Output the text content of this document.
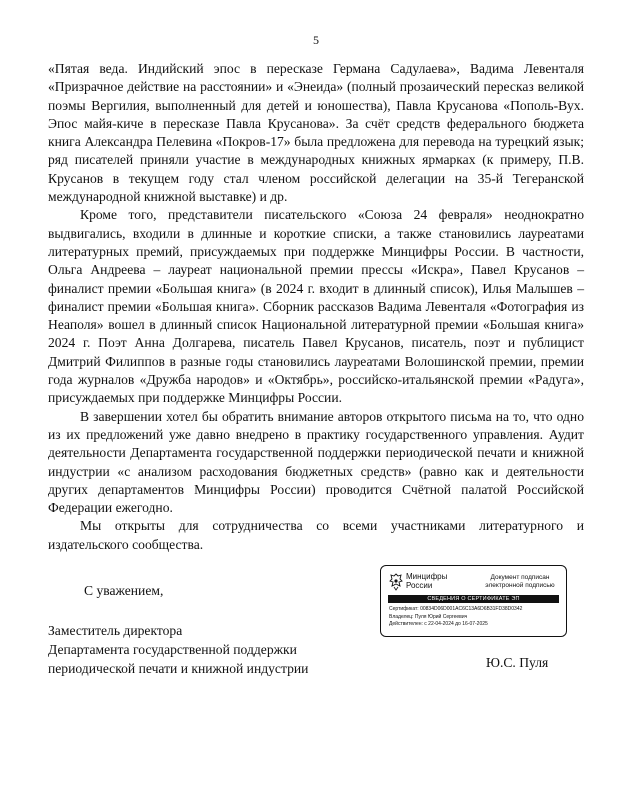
5

«Пятая веда. Индийский эпос в пересказе Германа Садулаева», Вадима Левенталя «Призрачное действие на расстоянии» и «Энеида» (полный прозаический пересказ великой поэмы Вергилия, выполненный для детей и юношества), Павла Крусанова «Пополь-Вух. Эпос майя-киче в пересказе Павла Крусанова». За счёт средств федерального бюджета книга Александра Пелевина «Покров-17» была предложена для перевода на турецкий язык; ряд писателей приняли участие в международных книжных ярмарках (к примеру, П.В. Крусанов в текущем году стал членом российской делегации на 35-й Тегеранской международной книжной выставке) и др.

Кроме того, представители писательского «Союза 24 февраля» неоднократно выдвигались, входили в длинные и короткие списки, а также становились лауреатами литературных премий, присуждаемых при поддержке Минцифры России. В частности, Ольга Андреева – лауреат национальной премии прессы «Искра», Павел Крусанов – финалист премии «Большая книга» (в 2024 г. входит в длинный список), Илья Малышев – финалист премии «Большая книга». Сборник рассказов Вадима Левенталя «Фотография из Неаполя» вошел в длинный список Национальной литературной премии «Большая книга» 2024 г. Поэт Анна Долгарева, писатель Павел Крусанов, писатель, поэт и публицист Дмитрий Филиппов в разные годы становились лауреатами Волошинской премии, премии года журналов «Дружба народов» и «Октябрь», российско-итальянской премии «Радуга», присуждаемых при поддержке Минцифры России.

В завершении хотел бы обратить внимание авторов открытого письма на то, что одно из их предложений уже давно внедрено в практику государственного управления. Аудит деятельности Департамента государственной поддержки периодической печати и книжной индустрии «с анализом расходования бюджетных средств» (равно как и деятельности других департаментов Минцифры России) проводится Счётной палатой Российской Федерации ежегодно.

Мы открыты для сотрудничества со всеми участниками литературного и издательского сообщества.

С уважением,
Заместитель директора
Департамента государственной поддержки
периодической печати и книжной индустрии	Ю.С. Пуля
Минцифры
России
Документ подписан
электронной подписью
СВЕДЕНИЯ О СЕРТИФИКАТЕ ЭП
Сертификат: 00834D06D001AC6C13A6D6B31FD38D0342
Владелец: Пуля Юрий Сергеевич
Действителен: с 22-04-2024 до 16-07-2025
